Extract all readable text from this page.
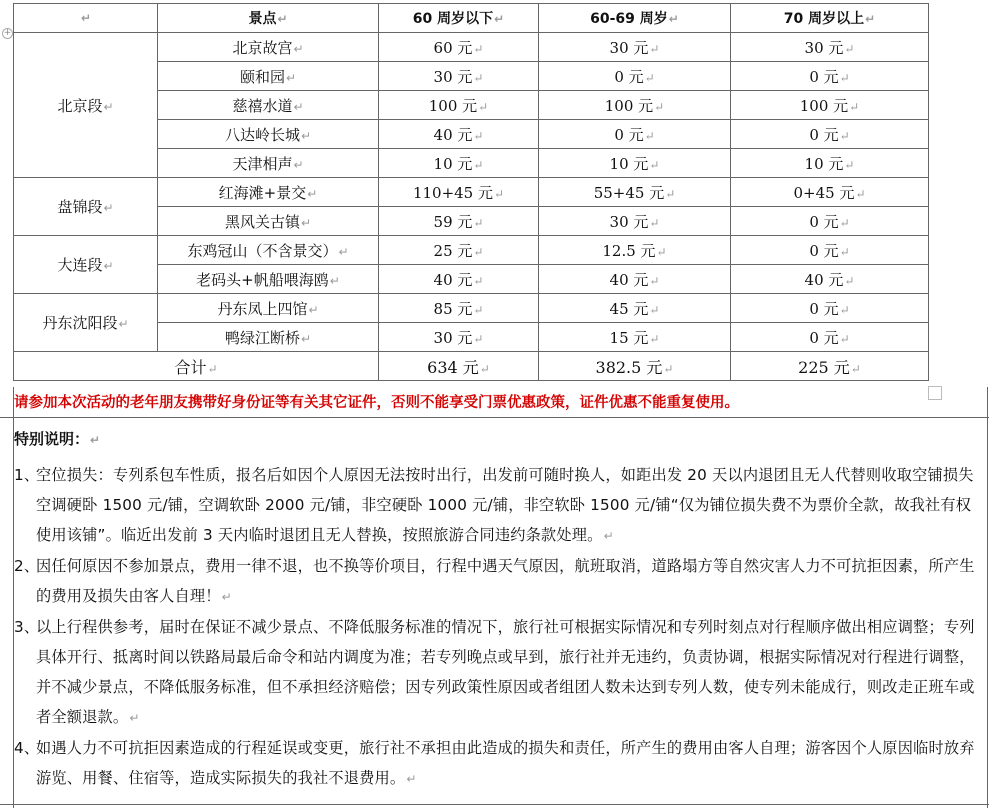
+
↵	景点↵	60 周岁以下↵	60-69 周岁↵	70 周岁以上↵
北京段↵	北京故宫↵	60 元↵	30 元↵	30 元↵
	颐和园↵	30 元↵	0 元↵	0 元↵
	慈禧水道↵	100 元↵	100 元↵	100 元↵
	八达岭长城↵	40 元↵	0 元↵	0 元↵
	天津相声↵	10 元↵	10 元↵	10 元↵
盘锦段↵	红海滩+景交↵	110+45 元↵	55+45 元↵	0+45 元↵
	黑风关古镇↵	59 元↵	30 元↵	0 元↵
大连段↵	东鸡冠山（不含景交）↵	25 元↵	12.5 元↵	0 元↵
	老码头+帆船喂海鸥↵	40 元↵	40 元↵	40 元↵
丹东沈阳段↵	丹东凤上四馆↵	85 元↵	45 元↵	0 元↵
	鸭绿江断桥↵	30 元↵	15 元↵	0 元↵
合计↵		634 元↵	382.5 元↵	225 元↵
请参加本次活动的老年朋友携带好身份证等有关其它证件，否则不能享受门票优惠政策，证件优惠不能重复使用。
特别说明：↵
1、
空位损失：专列系包车性质，报名后如因个人原因无法按时出行，出发前可随时换人，如距出发 20 天以内退团且无人代替则收取空铺损失空调硬卧 1500 元/铺，空调软卧 2000 元/铺，非空硬卧 1000 元/铺，非空软卧 1500 元/铺“仅为铺位损失费不为票价全款，故我社有权使用该铺”。临近出发前 3 天内临时退团且无人替换，按照旅游合同违约条款处理。↵
2、
因任何原因不参加景点，费用一律不退，也不换等价项目，行程中遇天气原因，航班取消，道路塌方等自然灾害人力不可抗拒因素，所产生的费用及损失由客人自理！↵
3、
以上行程供参考，届时在保证不减少景点、不降低服务标准的情况下，旅行社可根据实际情况和专列时刻点对行程顺序做出相应调整；专列具体开行、抵离时间以铁路局最后命令和站内调度为准；若专列晚点或早到，旅行社并无违约，负责协调，根据实际情况对行程进行调整，并不减少景点，不降低服务标准，但不承担经济赔偿；因专列政策性原因或者组团人数未达到专列人数，使专列未能成行，则改走正班车或者全额退款。↵
4、
如遇人力不可抗拒因素造成的行程延误或变更，旅行社不承担由此造成的损失和责任，所产生的费用由客人自理；游客因个人原因临时放弃游览、用餐、住宿等，造成实际损失的我社不退费用。↵
